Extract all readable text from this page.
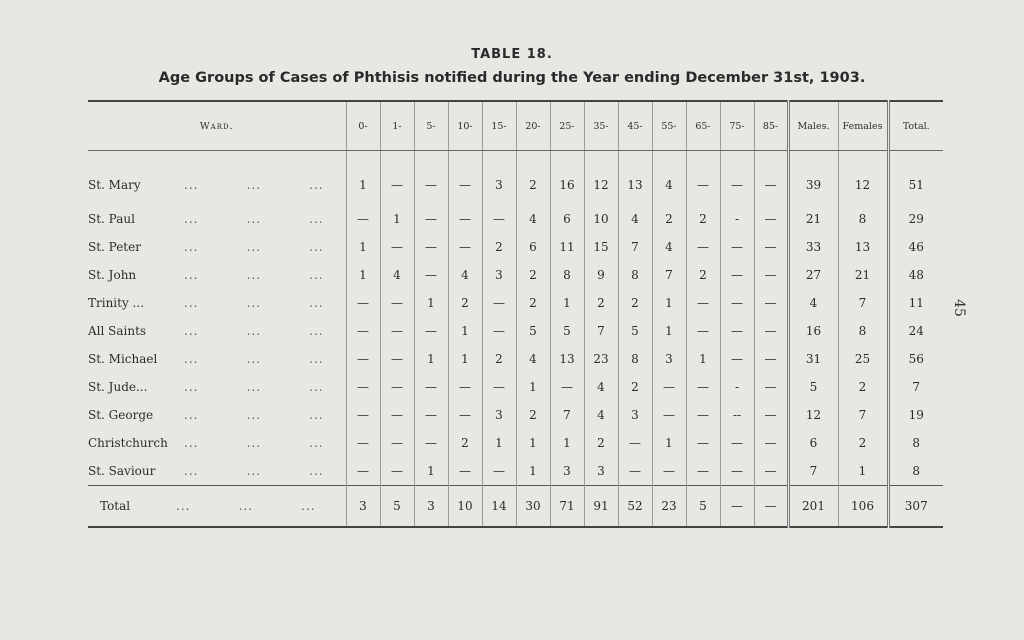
TABLE 18.
Age Groups of Cases of Phthisis notified during the Year ending December 31st, 1903.
45
Ward.	0-	1-	5-	10-	15-	20-	25-	35-	45-	55-	65-	75-	85-	Males.	Females	Total.
St. Mary ...          ...          ...	1	—	—	—	3	2	16	12	13	4	—	—	—	39	12	51
St. Paul ...          ...          ...	—	1	—	—	—	4	6	10	4	2	2	-	—	21	8	29
St. Peter ...          ...          ...	1	—	—	—	2	6	11	15	7	4	—	—	—	33	13	46
St. John ...          ...          ...	1	4	—	4	3	2	8	9	8	7	2	—	—	27	21	48
Trinity ... ...          ...          ...	—	—	1	2	—	2	1	2	2	1	—	—	—	4	7	11
All Saints ...          ...          ...	—	—	—	1	—	5	5	7	5	1	—	—	—	16	8	24
St. Michael ...          ...          ...	—	—	1	1	2	4	13	23	8	3	1	—	—	31	25	56
St. Jude... ...          ...          ...	—	—	—	—	—	1	—	4	2	—	—	-	—	5	2	7
St. George ...          ...          ...	—	—	—	—	3	2	7	4	3	—	—	--	—	12	7	19
Christchurch ...          ...          ...	—	—	—	2	1	1	1	2	—	1	—	—	—	6	2	8
St. Saviour ...          ...          ...	—	—	1	—	—	1	3	3	—	—	—	—	—	7	1	8
Total ...          ...          ...	3	5	3	10	14	30	71	91	52	23	5	—	—	201	106	307
